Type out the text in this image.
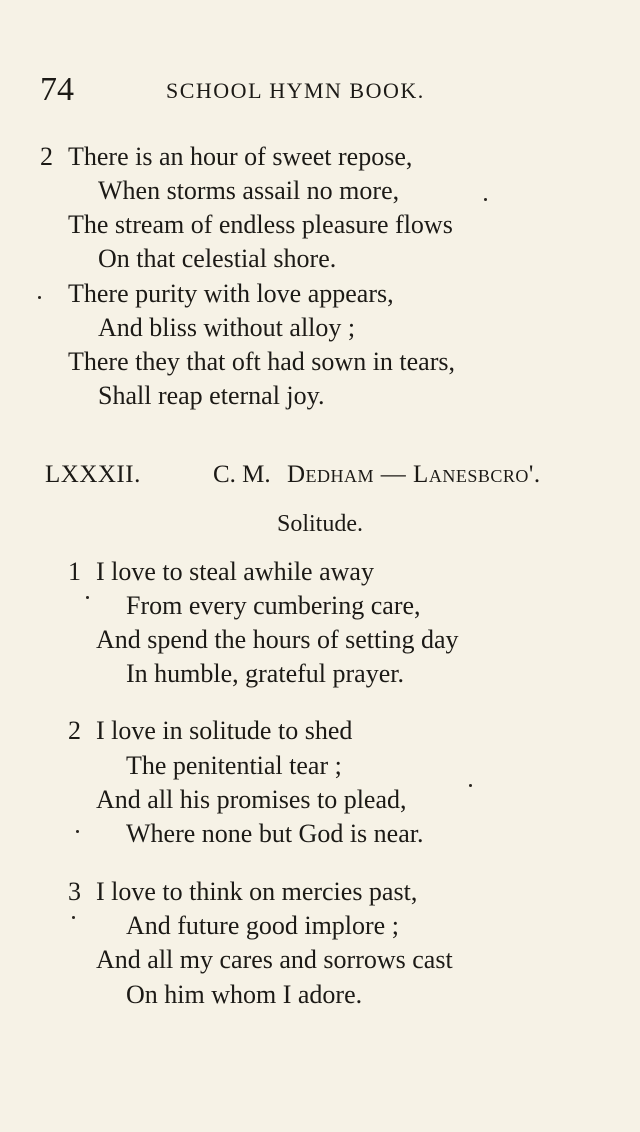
74	SCHOOL HYMN BOOK.
2 There is an hour of sweet repose,
When storms assail no more,
The stream of endless pleasure flows
On that celestial shore.
There purity with love appears,
And bliss without alloy ;
There they that oft had sown in tears,
Shall reap eternal joy.
LXXXII.	C. M. Dedham — Lanesbcro'.
Solitude.
1 I love to steal awhile away
From every cumbering care,
And spend the hours of setting day
In humble, grateful prayer.
2 I love in solitude to shed
The penitential tear ;
And all his promises to plead,
Where none but God is near.
3 I love to think on mercies past,
And future good implore ;
And all my cares and sorrows cast
On him whom I adore.
